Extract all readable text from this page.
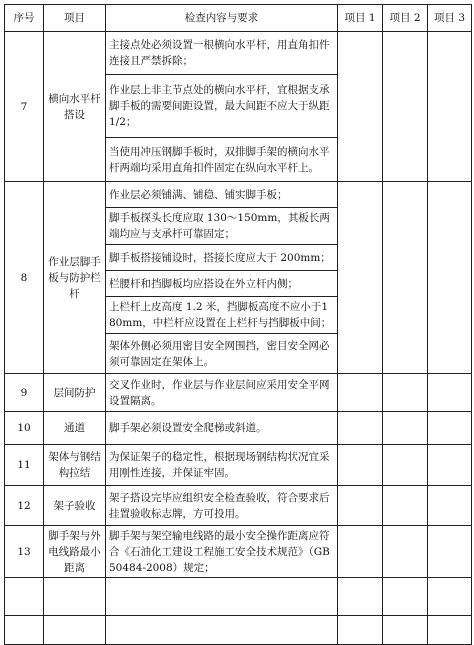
序号	项目	检查内容与要求	项目 1	项目 2	项目 3
7	横向水平杆搭设	主接点处必须设置一根横向水平杆，用直角扣件连接且严禁拆除；			
		作业层上非主节点处的横向水平杆，宜根据支承脚手板的需要间距设置，最大间距不应大于纵距1/2；			
		当使用冲压钢脚手板时，双排脚手架的横向水平杆两端均采用直角扣件固定在纵向水平杆上。			
8	作业层脚手板与防护栏杆	作业层必须铺满、铺稳、铺实脚手板；			
		脚手板探头长度应取 130～150mm，其板长两端均应与支承杆可靠固定；			
		脚手板搭接铺设时，搭接长度应大于 200mm；			
		栏腰杆和挡脚板均应搭设在外立杆内侧；			
		上栏杆上皮高度 1.2 米，挡脚板高度不应小于180mm，中栏杆应设置在上栏杆与挡脚板中间；			
		架体外侧必须用密目安全网围挡，密目安全网必须可靠固定在架体上。			
9	层间防护	交叉作业时，作业层与作业层间应采用安全平网设置隔离。			
10	通道	脚手架必须设置安全爬梯或斜道。			
11	架体与钢结构拉结	为保证架子的稳定性，根据现场钢结构状况宜采用刚性连接，并保证牢固。			
12	架子验收	架子搭设完毕应组织安全检查验收，符合要求后挂置验收标志牌，方可投用。			
13	脚手架与外电线路最小距离	脚手架与架空输电线路的最小安全操作距离应符合《石油化工建设工程施工安全技术规范》（GB50484-2008）规定；			
